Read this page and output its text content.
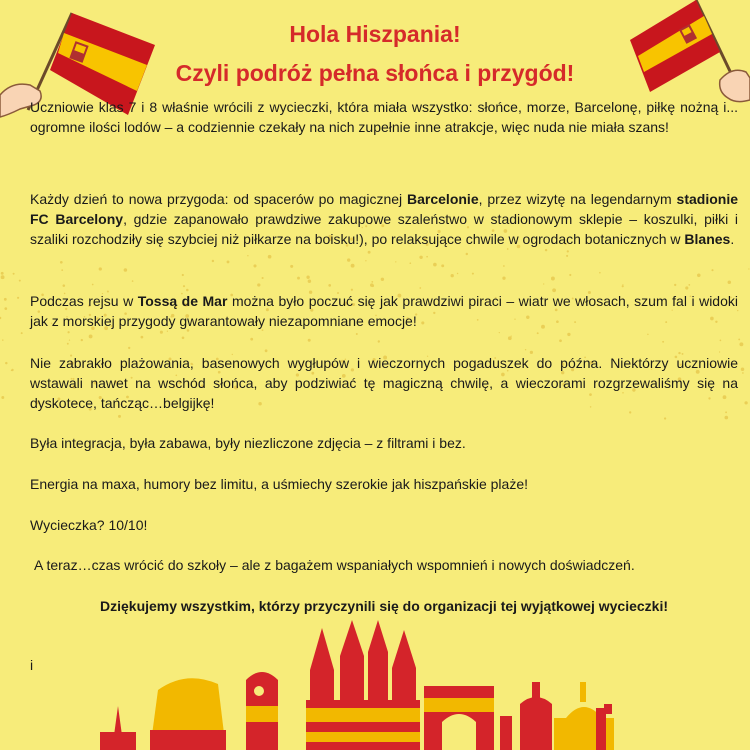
Hola Hiszpania!
Czyli podróż pełna słońca i przygód!
Uczniowie klas 7 i 8 właśnie wrócili z wycieczki, która miała wszystko: słońce, morze, Barcelonę, piłkę nożną i... ogromne ilości lodów – a codziennie czekały na nich zupełnie inne atrakcje, więc nuda nie miała szans!
Każdy dzień to nowa przygoda: od spacerów po magicznej Barcelonie, przez wizytę na legendarnym stadionie FC Barcelony, gdzie zapanowało prawdziwe zakupowe szaleństwo w stadionowym sklepie – koszulki, piłki i szaliki rozchodziły się szybciej niż piłkarze na boisku!), po relaksujące chwile w ogrodach botanicznych w Blanes.
Podczas rejsu w Tossą de Mar można było poczuć się jak prawdziwi piraci – wiatr we włosach, szum fal i widoki jak z morskiej przygody gwarantowały niezapomniane emocje!
Nie zabrakło plażowania, basenowych wygłupów i wieczornych pogaduszek do późna. Niektórzy uczniowie wstawali nawet na wschód słońca, aby podziwiać tę magiczną chwilę, a wieczorami rozgrzewaliśmy się na dyskotece, tańcząc…belgijkę!
Była integracja, była zabawa, były niezliczone zdjęcia – z filtrami i bez.
Energia na maxa, humory bez limitu, a uśmiechy szerokie jak hiszpańskie plaże!
Wycieczka? 10/10!
A teraz…czas wrócić do szkoły – ale z bagażem wspaniałych wspomnień i nowych doświadczeń.
Dziękujemy wszystkim, którzy przyczynili się do organizacji tej wyjątkowej wycieczki!
i
